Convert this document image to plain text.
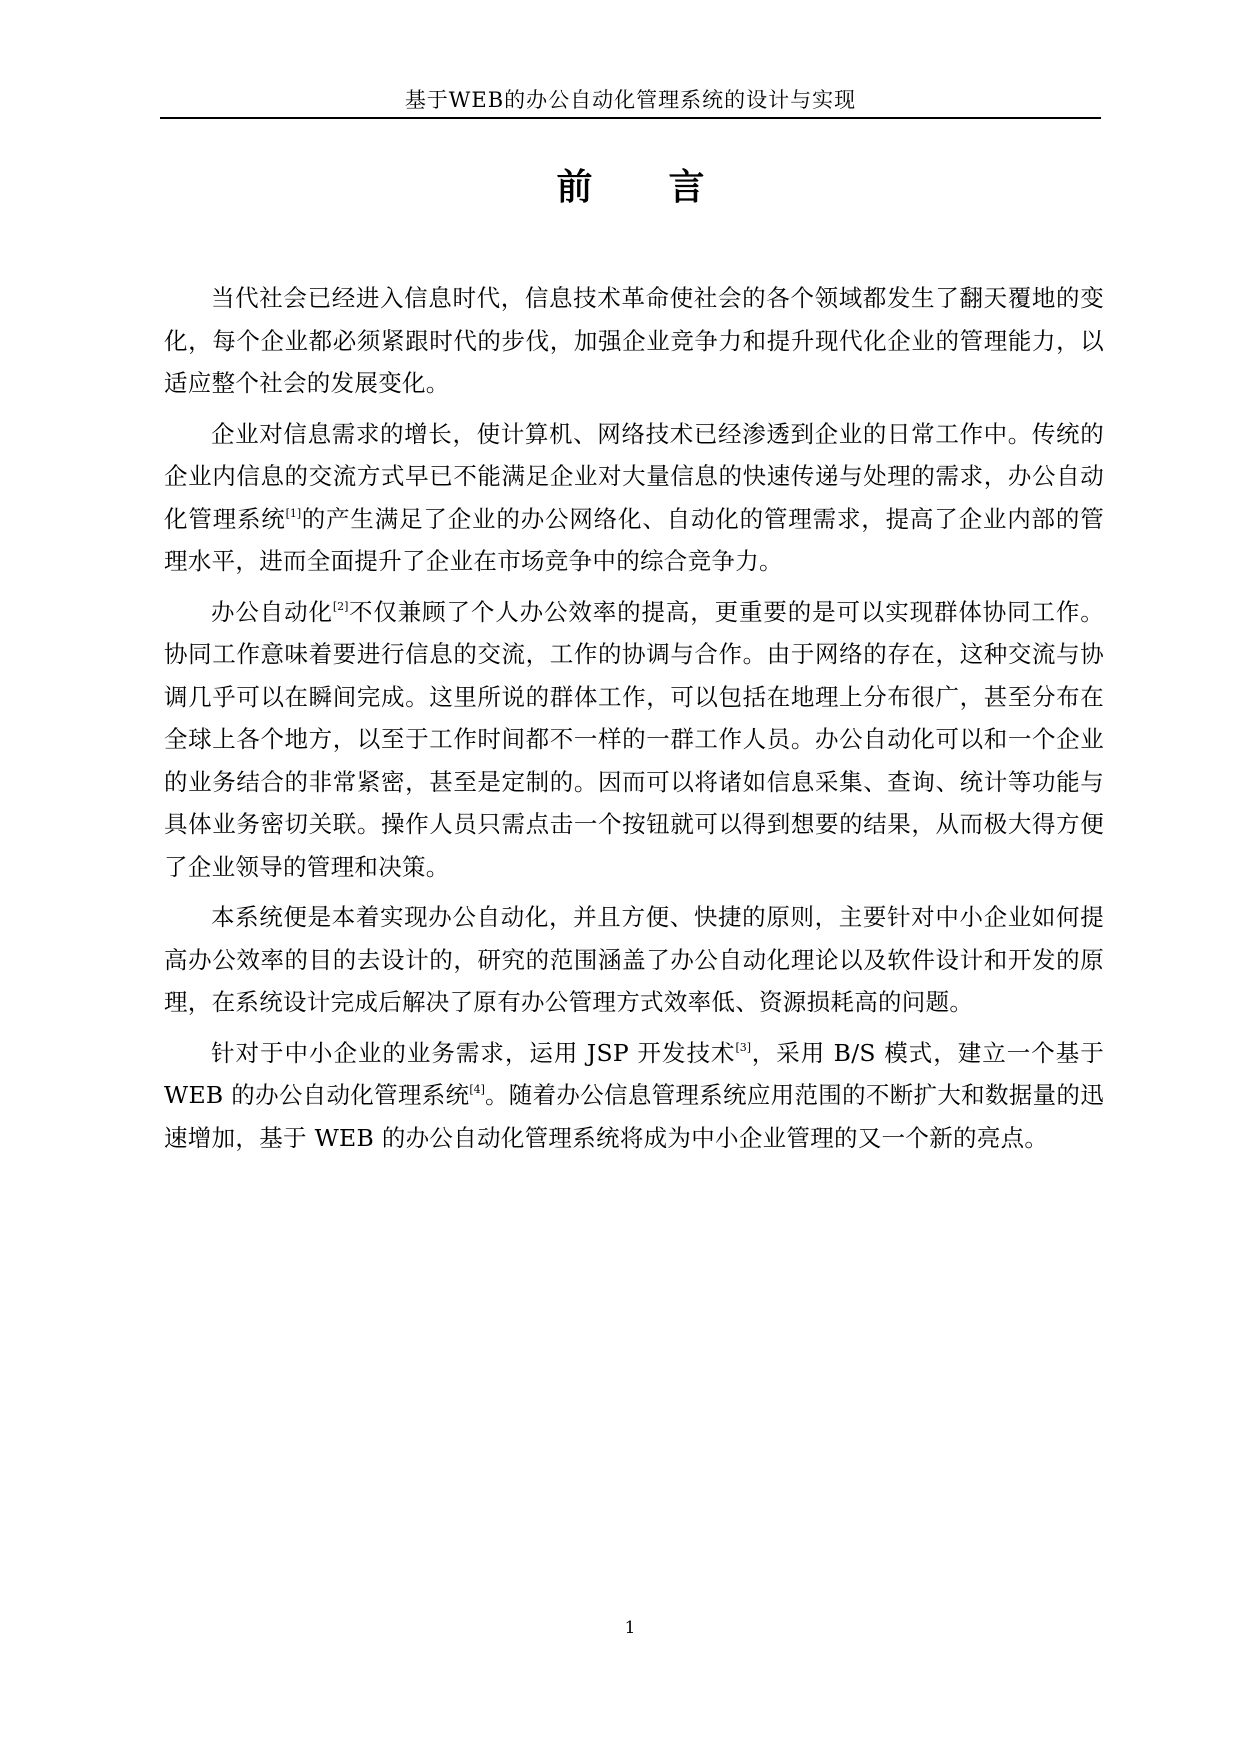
基于WEB的办公自动化管理系统的设计与实现
前 言

当代社会已经进入信息时代，信息技术革命使社会的各个领域都发生了翻天覆地的变化，每个企业都必须紧跟时代的步伐，加强企业竞争力和提升现代化企业的管理能力，以适应整个社会的发展变化。

企业对信息需求的增长，使计算机、网络技术已经渗透到企业的日常工作中。传统的企业内信息的交流方式早已不能满足企业对大量信息的快速传递与处理的需求，办公自动化管理系统[1]的产生满足了企业的办公网络化、自动化的管理需求，提高了企业内部的管理水平，进而全面提升了企业在市场竞争中的综合竞争力。

办公自动化[2]不仅兼顾了个人办公效率的提高，更重要的是可以实现群体协同工作。协同工作意味着要进行信息的交流，工作的协调与合作。由于网络的存在，这种交流与协调几乎可以在瞬间完成。这里所说的群体工作，可以包括在地理上分布很广，甚至分布在全球上各个地方，以至于工作时间都不一样的一群工作人员。办公自动化可以和一个企业的业务结合的非常紧密，甚至是定制的。因而可以将诸如信息采集、查询、统计等功能与具体业务密切关联。操作人员只需点击一个按钮就可以得到想要的结果，从而极大得方便了企业领导的管理和决策。

本系统便是本着实现办公自动化，并且方便、快捷的原则，主要针对中小企业如何提高办公效率的目的去设计的，研究的范围涵盖了办公自动化理论以及软件设计和开发的原理，在系统设计完成后解决了原有办公管理方式效率低、资源损耗高的问题。

针对于中小企业的业务需求，运用 JSP 开发技术[3]，采用 B/S 模式，建立一个基于WEB 的办公自动化管理系统[4]。随着办公信息管理系统应用范围的不断扩大和数据量的迅速增加，基于 WEB 的办公自动化管理系统将成为中小企业管理的又一个新的亮点。

1
